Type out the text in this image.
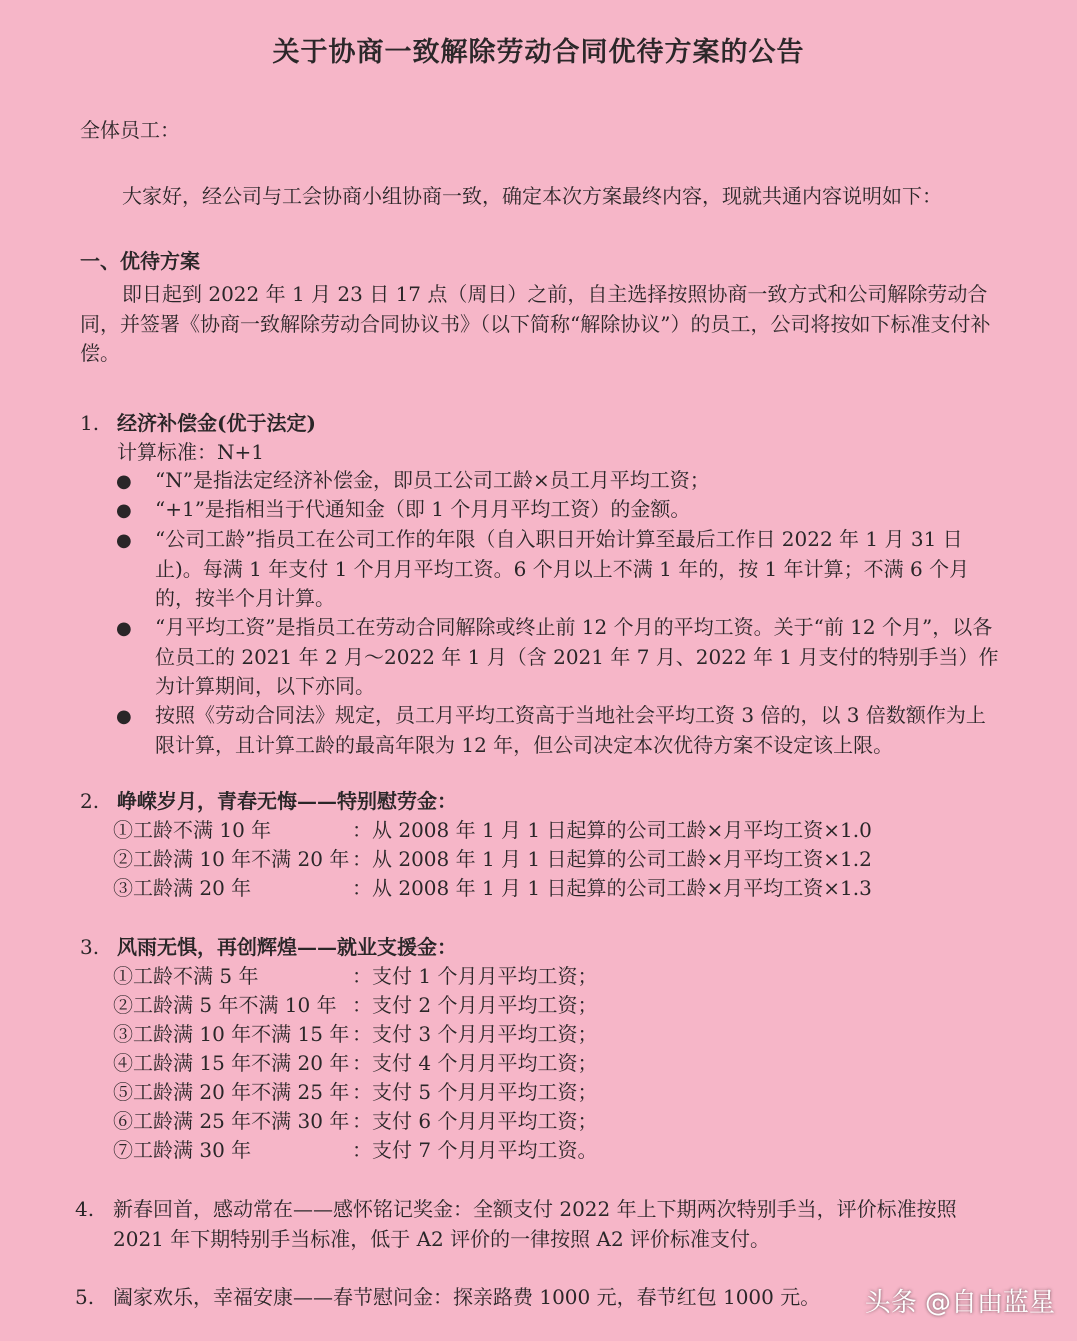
关于协商一致解除劳动合同优待方案的公告
全体员工：
大家好，经公司与工会协商小组协商一致，确定本次方案最终内容，现就共通内容说明如下：
一、优待方案
即日起到 2022 年 1 月 23 日 17 点（周日）之前，自主选择按照协商一致方式和公司解除劳动合同，并签署《协商一致解除劳动合同协议书》（以下简称“解除协议”）的员工，公司将按如下标准支付补偿。
1. 经济补偿金(优于法定)
计算标准：N+1
● “N”是指法定经济补偿金，即员工公司工龄×员工月平均工资；
● “+1”是指相当于代通知金（即 1 个月月平均工资）的金额。
● “公司工龄”指员工在公司工作的年限（自入职日开始计算至最后工作日 2022 年 1 月 31 日止)。每满 1 年支付 1 个月月平均工资。6 个月以上不满 1 年的，按 1 年计算；不满 6 个月的，按半个月计算。
● “月平均工资”是指员工在劳动合同解除或终止前 12 个月的平均工资。关于“前 12 个月”，以各位员工的 2021 年 2 月～2022 年 1 月（含 2021 年 7 月、2022 年 1 月支付的特别手当）作为计算期间，以下亦同。
● 按照《劳动合同法》规定，员工月平均工资高于当地社会平均工资 3 倍的，以 3 倍数额作为上限计算，且计算工龄的最高年限为 12 年，但公司决定本次优待方案不设定该上限。
2. 峥嵘岁月，青春无悔——特别慰劳金：
①工龄不满 10 年	：从 2008 年 1 月 1 日起算的公司工龄×月平均工资×1.0
②工龄满 10 年不满 20 年 ：从 2008 年 1 月 1 日起算的公司工龄×月平均工资×1.2
③工龄满 20 年	：从 2008 年 1 月 1 日起算的公司工龄×月平均工资×1.3
3. 风雨无惧，再创辉煌——就业支援金：
①工龄不满 5 年	：支付 1 个月月平均工资；
②工龄满 5 年不满 10 年 ：支付 2 个月月平均工资；
③工龄满 10 年不满 15 年 ：支付 3 个月月平均工资；
④工龄满 15 年不满 20 年 ：支付 4 个月月平均工资；
⑤工龄满 20 年不满 25 年 ：支付 5 个月月平均工资；
⑥工龄满 25 年不满 30 年 ：支付 6 个月月平均工资；
⑦工龄满 30 年	：支付 7 个月月平均工资。
4. 新春回首，感动常在——感怀铭记奖金：全额支付 2022 年上下期两次特别手当，评价标准按照 2021 年下期特别手当标准，低于 A2 评价的一律按照 A2 评价标准支付。
5. 阖家欢乐，幸福安康——春节慰问金：探亲路费 1000 元，春节红包 1000 元。 头条 @自由蓝星
